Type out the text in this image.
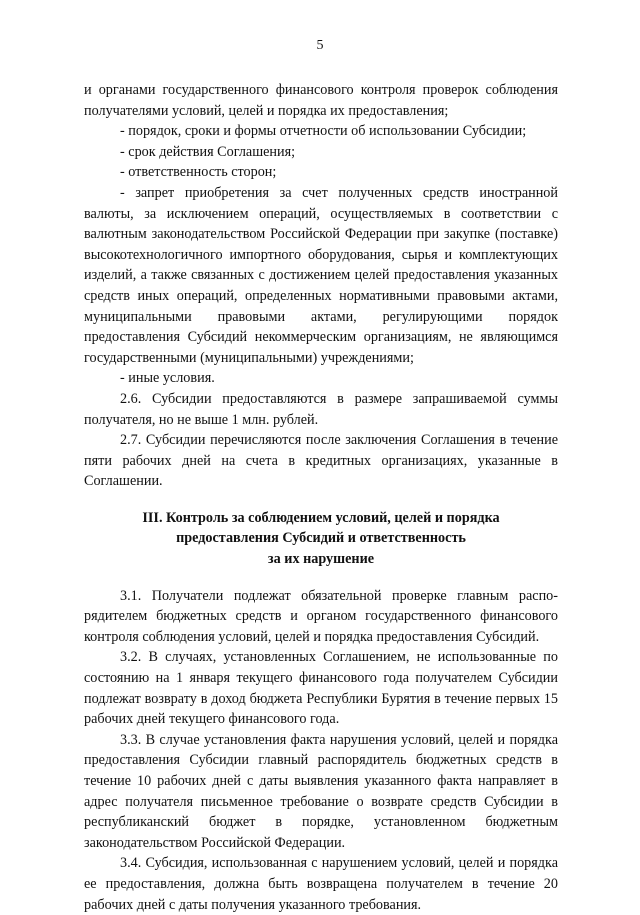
5

и органами государственного финансового контроля проверок соблюдения получателями условий, целей и порядка их предоставления;

- порядок, сроки и формы отчетности об использовании Субсидии;

- срок действия Соглашения;

- ответственность сторон;

- запрет приобретения за счет полученных средств иностранной валюты, за исключением операций, осуществляемых в соответствии с валютным законодательством Российской Федерации при закупке (поставке) высокотехнологичного импортного оборудования, сырья и комплектующих изделий, а также связанных с достижением целей предоставления указанных средств иных операций, определенных нормативными правовыми актами, муниципальными правовыми актами, регулирующими порядок предоставления Субсидий некоммерческим организациям, не являющимся государственными (муниципальными) учреждениями;

- иные условия.

2.6. Субсидии предоставляются в размере запрашиваемой суммы получателя, но не выше 1 млн. рублей.

2.7. Субсидии перечисляются после заключения Соглашения в течение пяти рабочих дней на счета в кредитных организациях, указанные в Соглашении.

III. Контроль за соблюдением условий, целей и порядка
предоставления Субсидий и ответственность
за их нарушение

3.1. Получатели подлежат обязательной проверке главным распорядителем бюджетных средств и органом государственного финансового контроля соблюдения условий, целей и порядка предоставления Субсидий.

3.2. В случаях, установленных Соглашением, не использованные по состоянию на 1 января текущего финансового года получателем Субсидии подлежат возврату в доход бюджета Республики Бурятия в течение первых 15 рабочих дней текущего финансового года.

3.3. В случае установления факта нарушения условий, целей и порядка предоставления Субсидии главный распорядитель бюджетных средств в течение 10 рабочих дней с даты выявления указанного факта направляет в адрес получателя письменное требование о возврате средств Субсидии в республиканский бюджет в порядке, установленном бюджетным законодательством Российской Федерации.

3.4. Субсидия, использованная с нарушением условий, целей и порядка ее предоставления, должна быть возвращена получателем в течение 20 рабочих дней с даты получения указанного требования.
